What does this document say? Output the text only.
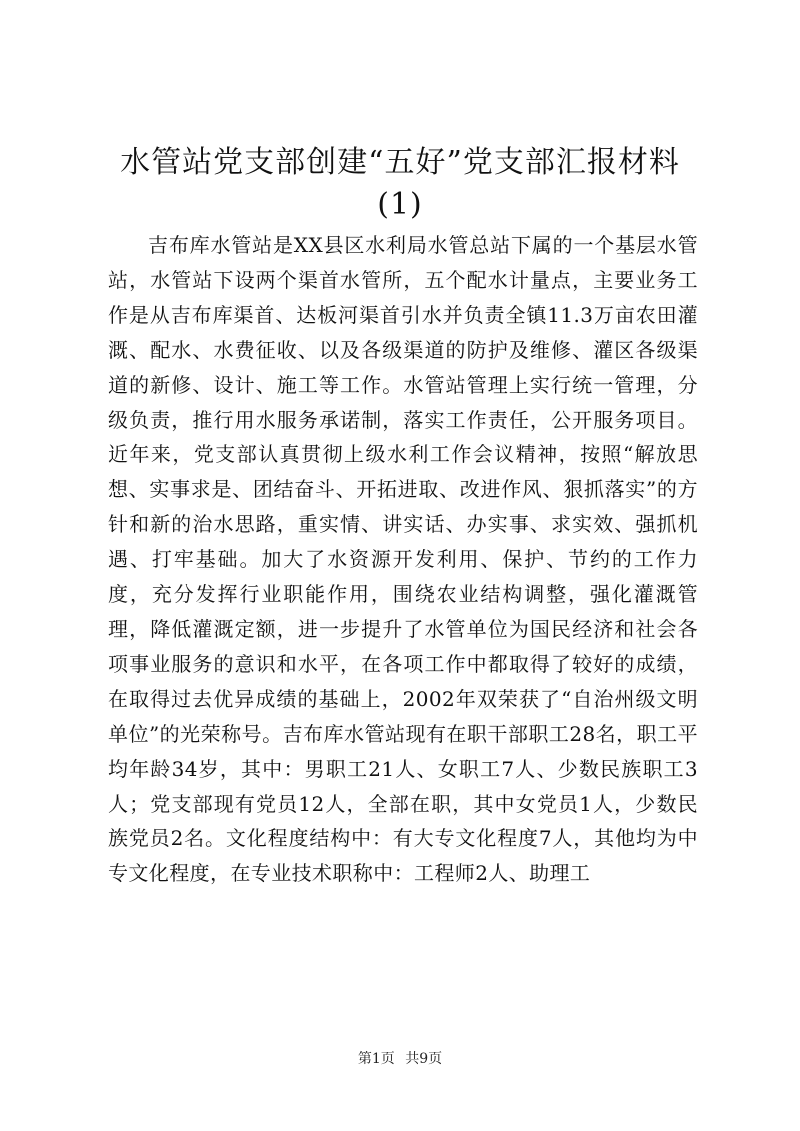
水管站党支部创建“五好”党支部汇报材料
(1)

吉布库水管站是XX县区水利局水管总站下属的一个基层水管站，水管站下设两个渠首水管所，五个配水计量点，主要业务工作是从吉布库渠首、达板河渠首引水并负责全镇11.3万亩农田灌溉、配水、水费征收、以及各级渠道的防护及维修、灌区各级渠道的新修、设计、施工等工作。水管站管理上实行统一管理，分级负责，推行用水服务承诺制，落实工作责任，公开服务项目。近年来，党支部认真贯彻上级水利工作会议精神，按照“解放思想、实事求是、团结奋斗、开拓进取、改进作风、狠抓落实”的方针和新的治水思路，重实情、讲实话、办实事、求实效、强抓机遇、打牢基础。加大了水资源开发利用、保护、节约的工作力度，充分发挥行业职能作用，围绕农业结构调整，强化灌溉管理，降低灌溉定额，进一步提升了水管单位为国民经济和社会各项事业服务的意识和水平，在各项工作中都取得了较好的成绩，在取得过去优异成绩的基础上，2002年双荣获了“自治州级文明单位”的光荣称号。吉布库水管站现有在职干部职工28名，职工平均年龄34岁，其中：男职工21人、女职工7人、少数民族职工3人；党支部现有党员12人，全部在职，其中女党员1人，少数民族党员2名。文化程度结构中：有大专文化程度7人，其他均为中专文化程度，在专业技术职称中：工程师2人、助理工

第1页 共9页
